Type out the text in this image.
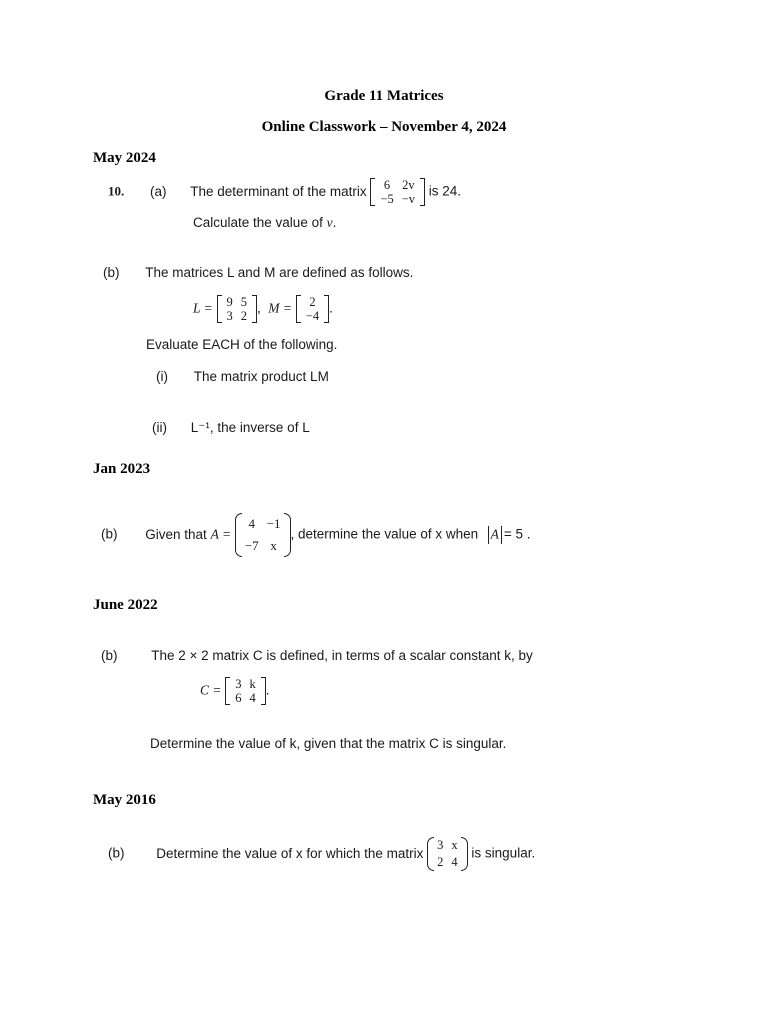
Grade 11 Matrices
Online Classwork – November 4, 2024
May 2024
10. (a) The determinant of the matrix 6	2v
−5	−v
is 24.
Calculate the value of v.
(b) The matrices L and M are defined as follows.
L = 9	5
3	2
,  M = 2
−4
.
Evaluate EACH of the following.
(i) The matrix product LM
(ii) L⁻¹, the inverse of L
Jan 2023
(b) Given that A =
4	−1
−7	x
, determine the value of x when A = 5 .
June 2022
(b)	The 2 × 2 matrix C is defined, in terms of a scalar constant k, by
C = 3	k
6	4
.
Determine the value of k, given that the matrix C is singular.
May 2016
(b) Determine the value of x for which the matrix
3	x
2	4
is singular.
